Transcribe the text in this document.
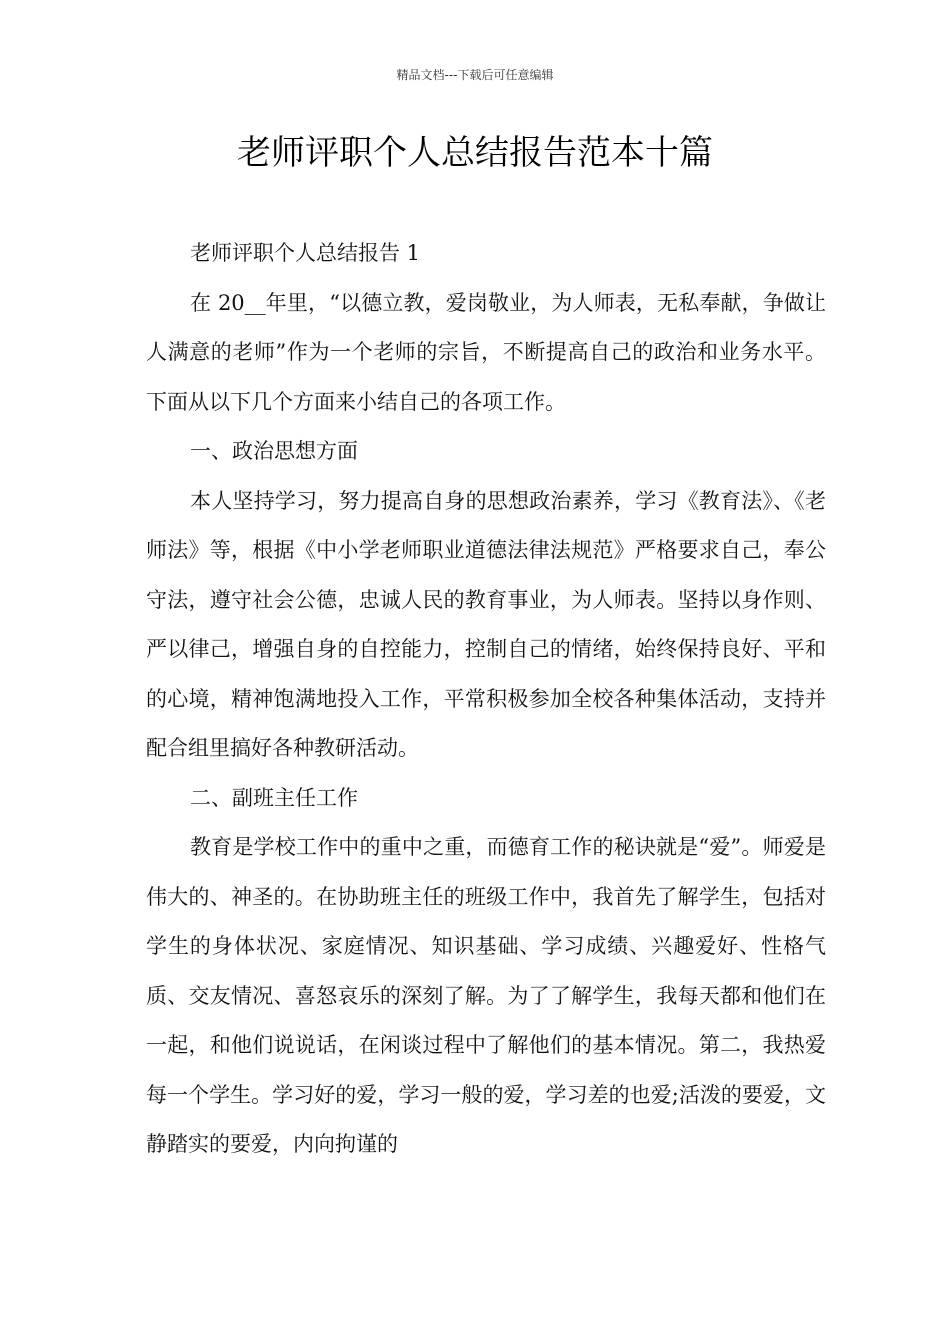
精品文档---下载后可任意编辑
老师评职个人总结报告范本十篇

老师评职个人总结报告 1

在 20__年里，“以德立教，爱岗敬业，为人师表，无私奉献，争做让人满意的老师”作为一个老师的宗旨，不断提高自己的政治和业务水平。下面从以下几个方面来小结自己的各项工作。

一、政治思想方面

本人坚持学习，努力提高自身的思想政治素养，学习《教育法》、《老师法》等，根据《中小学老师职业道德法律法规范》严格要求自己，奉公守法，遵守社会公德，忠诚人民的教育事业，为人师表。坚持以身作则、严以律己，增强自身的自控能力，控制自己的情绪，始终保持良好、平和的心境，精神饱满地投入工作，平常积极参加全校各种集体活动，支持并配合组里搞好各种教研活动。

二、副班主任工作

教育是学校工作中的重中之重，而德育工作的秘诀就是“爱”。师爱是伟大的、神圣的。在协助班主任的班级工作中，我首先了解学生，包括对学生的身体状况、家庭情况、知识基础、学习成绩、兴趣爱好、性格气质、交友情况、喜怒哀乐的深刻了解。为了了解学生，我每天都和他们在一起，和他们说说话，在闲谈过程中了解他们的基本情况。第二，我热爱每一个学生。学习好的爱，学习一般的爱，学习差的也爱;活泼的要爱，文静踏实的要爱，内向拘谨的
